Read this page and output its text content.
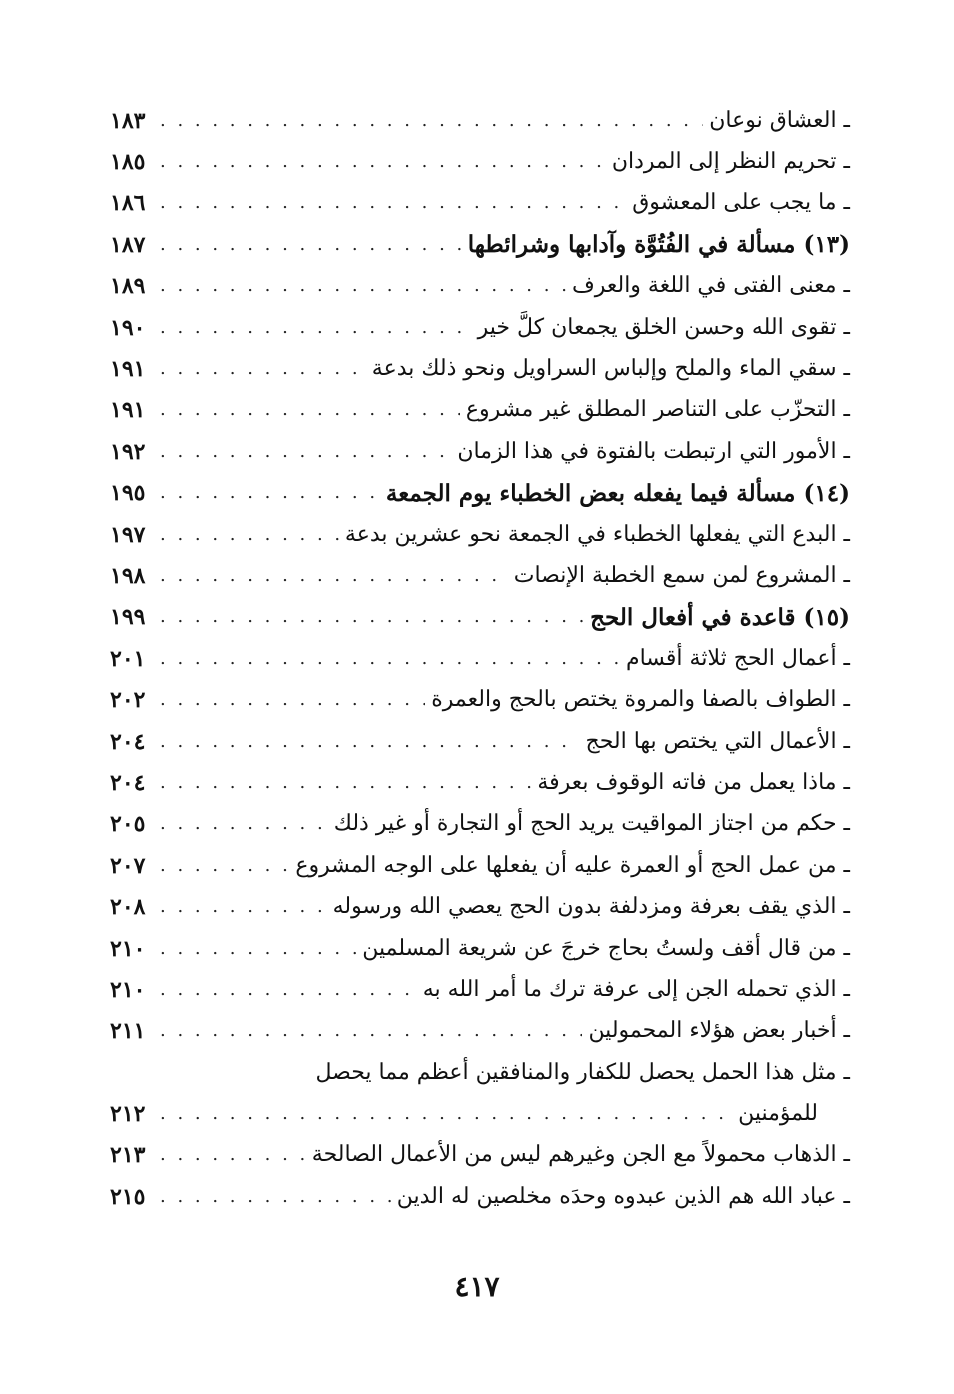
ـ العشاق نوعان
. . .
١٨٣
ـ تحريم النظر إلى المردان
. . .
١٨٥
ـ ما يجب على المعشوق
. . .
١٨٦
(١٣) مسألة في الفُتُوَّة وآدابها وشرائطها
. . .
١٨٧
ـ معنى الفتى في اللغة والعرف
. . .
١٨٩
ـ تقوى الله وحسن الخلق يجمعان كلَّ خير
. . .
١٩٠
ـ سقي الماء والملح وإلباس السراويل ونحو ذلك بدعة
. . .
١٩١
ـ التحزّب على التناصر المطلق غير مشروع
. . .
١٩١
ـ الأمور التي ارتبطت بالفتوة في هذا الزمان
. . .
١٩٢
(١٤) مسألة فيما يفعله بعض الخطباء يوم الجمعة
. . .
١٩٥
ـ البدع التي يفعلها الخطباء في الجمعة نحو عشرين بدعة
. . .
١٩٧
ـ المشروع لمن سمع الخطبة الإنصات
. . .
١٩٨
(١٥) قاعدة في أفعال الحج
. . .
١٩٩
ـ أعمال الحج ثلاثة أقسام
. . .
٢٠١
ـ الطواف بالصفا والمروة يختص بالحج والعمرة
. . .
٢٠٢
ـ الأعمال التي يختص بها الحج
. . .
٢٠٤
ـ ماذا يعمل من فاته الوقوف بعرفة
. . .
٢٠٤
ـ حكم من اجتاز المواقيت يريد الحج أو التجارة أو غير ذلك
. . .
٢٠٥
ـ من عمل الحج أو العمرة عليه أن يفعلها على الوجه المشروع
. . .
٢٠٧
ـ الذي يقف بعرفة ومزدلفة بدون الحج يعصي الله ورسوله
. . .
٢٠٨
ـ من قال أقف ولستُ بحاج خرجَ عن شريعة المسلمين
. . .
٢١٠
ـ الذي تحمله الجن إلى عرفة ترك ما أمر الله به
. . .
٢١٠
ـ أخبار بعض هؤلاء المحمولين
. . .
٢١١
ـ مثل هذا الحمل يحصل للكفار والمنافقين أعظم مما يحصل
للمؤمنين
. . .
٢١٢
ـ الذهاب محمولاً مع الجن وغيرهم ليس من الأعمال الصالحة
. . .
٢١٣
ـ عباد الله هم الذين عبدوه وحدَه مخلصين له الدين
. . .
٢١٥
٤١٧
